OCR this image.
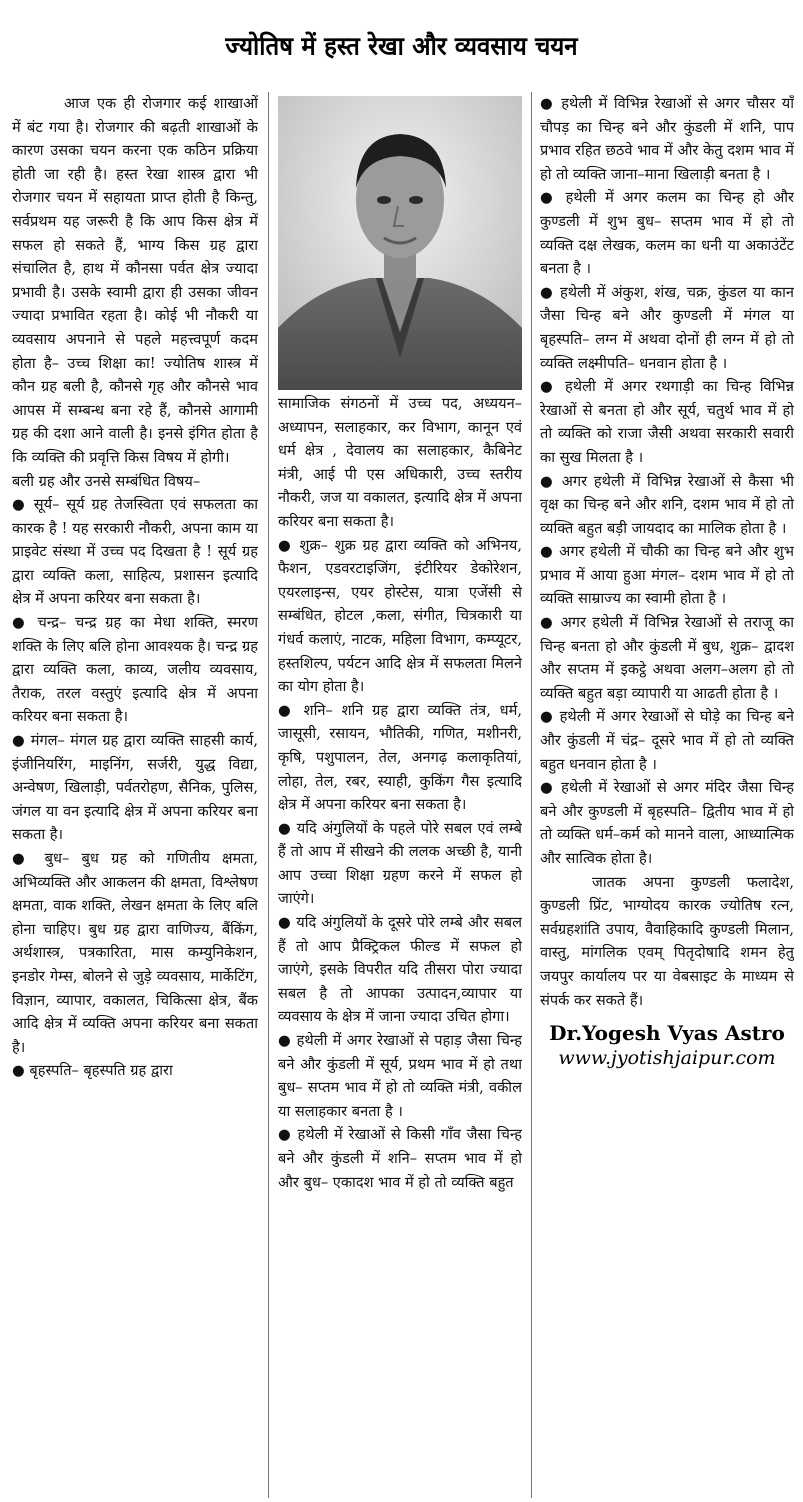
ज्योतिष में हस्त रेखा और व्यवसाय चयन

आज एक ही रोजगार कई शाखाओं में बंट गया है। रोजगार की बढ़ती शाखाओं के कारण उसका चयन करना एक कठिन प्रक्रिया होती जा रही है। हस्त रेखा शास्त्र द्वारा भी रोजगार चयन में सहायता प्राप्त होती है किन्तु, सर्वप्रथम यह जरूरी है कि आप किस क्षेत्र में सफल हो सकते हैं, भाग्य किस ग्रह द्वारा संचालित है, हाथ में कौनसा पर्वत क्षेत्र ज्यादा प्रभावी है। उसके स्वामी द्वारा ही उसका जीवन ज्यादा प्रभावित रहता है। कोई भी नौकरी या व्यवसाय अपनाने से पहले महत्त्वपूर्ण कदम होता है– उच्च शिक्षा का! ज्योतिष शास्त्र में कौन ग्रह बली है, कौनसे गृह और कौनसे भाव आपस में सम्बन्ध बना रहे हैं, कौनसे आगामी ग्रह की दशा आने वाली है। इनसे इंगित होता है कि व्यक्ति की प्रवृत्ति किस विषय में होगी।

बली ग्रह और उनसे सम्बंधित विषय–

● सूर्य– सूर्य ग्रह तेजस्विता एवं सफलता का कारक है ! यह सरकारी नौकरी, अपना काम या प्राइवेट संस्था में उच्च पद दिखता है ! सूर्य ग्रह द्वारा व्यक्ति कला, साहित्य, प्रशासन इत्यादि क्षेत्र में अपना करियर बना सकता है।

● चन्द्र– चन्द्र ग्रह का मेधा शक्ति, स्मरण शक्ति के लिए बलि होना आवश्यक है। चन्द्र ग्रह द्वारा व्यक्ति कला, काव्य, जलीय व्यवसाय, तैराक, तरल वस्तुएं इत्यादि क्षेत्र में अपना करियर बना सकता है।

● मंगल– मंगल ग्रह द्वारा व्यक्ति साहसी कार्य, इंजीनियरिंग, माइनिंग, सर्जरी, युद्ध विद्या, अन्वेषण, खिलाड़ी, पर्वतरोहण, सैनिक, पुलिस, जंगल या वन इत्यादि क्षेत्र में अपना करियर बना सकता है।

● बुध– बुध ग्रह को गणितीय क्षमता, अभिव्यक्ति और आकलन की क्षमता, विश्लेषण क्षमता, वाक शक्ति, लेखन क्षमता के लिए बलि होना चाहिए। बुध ग्रह द्वारा वाणिज्य, बैंकिंग, अर्थशास्त्र, पत्रकारिता, मास कम्युनिकेशन, इनडोर गेम्स, बोलने से जुड़े व्यवसाय, मार्केटिंग, विज्ञान, व्यापार, वकालत, चिकित्सा क्षेत्र, बैंक आदि क्षेत्र में व्यक्ति अपना करियर बना सकता है।

● बृहस्पति– बृहस्पति ग्रह द्वारा

सामाजिक संगठनों में उच्च पद, अध्ययन–अध्यापन, सलाहकार, कर विभाग, कानून एवं धर्म क्षेत्र , देवालय का सलाहकार, कैबिनेट मंत्री, आई पी एस अधिकारी, उच्च स्तरीय नौकरी, जज या वकालत, इत्यादि क्षेत्र में अपना करियर बना सकता है।

● शुक्र– शुक्र ग्रह द्वारा व्यक्ति को अभिनय, फैशन, एडवरटाइजिंग, इंटीरियर डेकोरेशन, एयरलाइन्स, एयर होस्टेस, यात्रा एजेंसी से सम्बंधित, होटल ,कला, संगीत, चित्रकारी या गंधर्व कलाएं, नाटक, महिला विभाग, कम्प्यूटर, हस्तशिल्प, पर्यटन आदि क्षेत्र में सफलता मिलने का योग होता है।

● शनि– शनि ग्रह द्वारा व्यक्ति तंत्र, धर्म, जासूसी, रसायन, भौतिकी, गणित, मशीनरी, कृषि, पशुपालन, तेल, अनगढ़ कलाकृतियां, लोहा, तेल, रबर, स्याही, कुकिंग गैस इत्यादि क्षेत्र में अपना करियर बना सकता है।

● यदि अंगुलियों के पहले पोरे सबल एवं लम्बे हैं तो आप में सीखने की ललक अच्छी है, यानी आप उच्चा शिक्षा ग्रहण करने में सफल हो जाएंगे।

● यदि अंगुलियों के दूसरे पोरे लम्बे और सबल हैं तो आप प्रैक्ट्रिकल फील्ड में सफल हो जाएंगे, इसके विपरीत यदि तीसरा पोरा ज्यादा सबल है तो आपका उत्पादन,व्यापार या व्यवसाय के क्षेत्र में जाना ज्यादा उचित होगा।

● हथेली में अगर रेखाओं से पहाड़ जैसा चिन्ह बने और कुंडली में सूर्य, प्रथम भाव में हो तथा बुध– सप्तम भाव में हो तो व्यक्ति मंत्री, वकील या सलाहकार बनता है ।

● हथेली में रेखाओं से किसी गाँव जैसा चिन्ह बने और कुंडली में शनि– सप्तम भाव में हो और बुध– एकादश भाव में हो तो व्यक्ति बहुत

● हथेली में विभिन्न रेखाओं से अगर चौसर याँ चौपड़ का चिन्ह बने और कुंडली में शनि, पाप प्रभाव रहित छठवे भाव में और केतु दशम भाव में हो तो व्यक्ति जाना–माना खिलाड़ी बनता है ।

● हथेली में अगर कलम का चिन्ह हो और कुण्डली में शुभ बुध– सप्तम भाव में हो तो व्यक्ति दक्ष लेखक, कलम का धनी या अकाउंटेंट बनता है ।

● हथेली में अंकुश, शंख, चक्र, कुंडल या कान जैसा चिन्ह बने और कुण्डली में मंगल या बृहस्पति– लग्न में अथवा दोनों ही लग्न में हो तो व्यक्ति लक्ष्मीपति– धनवान होता है ।

● हथेली में अगर रथगाड़ी का चिन्ह विभिन्न रेखाओं से बनता हो और सूर्य, चतुर्थ भाव में हो तो व्यक्ति को राजा जैसी अथवा सरकारी सवारी का सुख मिलता है ।

● अगर हथेली में विभिन्न रेखाओं से कैसा भी वृक्ष का चिन्ह बने और शनि, दशम भाव में हो तो व्यक्ति बहुत बड़ी जायदाद का मालिक होता है ।

● अगर हथेली में चौकी का चिन्ह बने और शुभ प्रभाव में आया हुआ मंगल– दशम भाव में हो तो व्यक्ति साम्राज्य का स्वामी होता है ।

● अगर हथेली में विभिन्न रेखाओं से तराजू का चिन्ह बनता हो और कुंडली में बुध, शुक्र– द्वादश और सप्तम में इकट्ठे अथवा अलग–अलग हो तो व्यक्ति बहुत बड़ा व्यापारी या आढती होता है ।

● हथेली में अगर रेखाओं से घोड़े का चिन्ह बने और कुंडली में चंद्र– दूसरे भाव में हो तो व्यक्ति बहुत धनवान होता है ।

● हथेली में रेखाओं से अगर मंदिर जैसा चिन्ह बने और कुण्डली में बृहस्पति– द्वितीय भाव में हो तो व्यक्ति धर्म–कर्म को मानने वाला, आध्यात्मिक और सात्विक होता है।

जातक अपना कुण्डली फलादेश, कुण्डली प्रिंट, भाग्योदय कारक ज्योतिष रत्न, सर्वग्रहशांति उपाय, वैवाहिकादि कुण्डली मिलान, वास्तु, मांगलिक एवम् पितृदोषादि शमन हेतु जयपुर कार्यालय पर या वेबसाइट के माध्यम से संपर्क कर सकते हैं।

Dr.Yogesh Vyas Astro
www.jyotishjaipur.com
